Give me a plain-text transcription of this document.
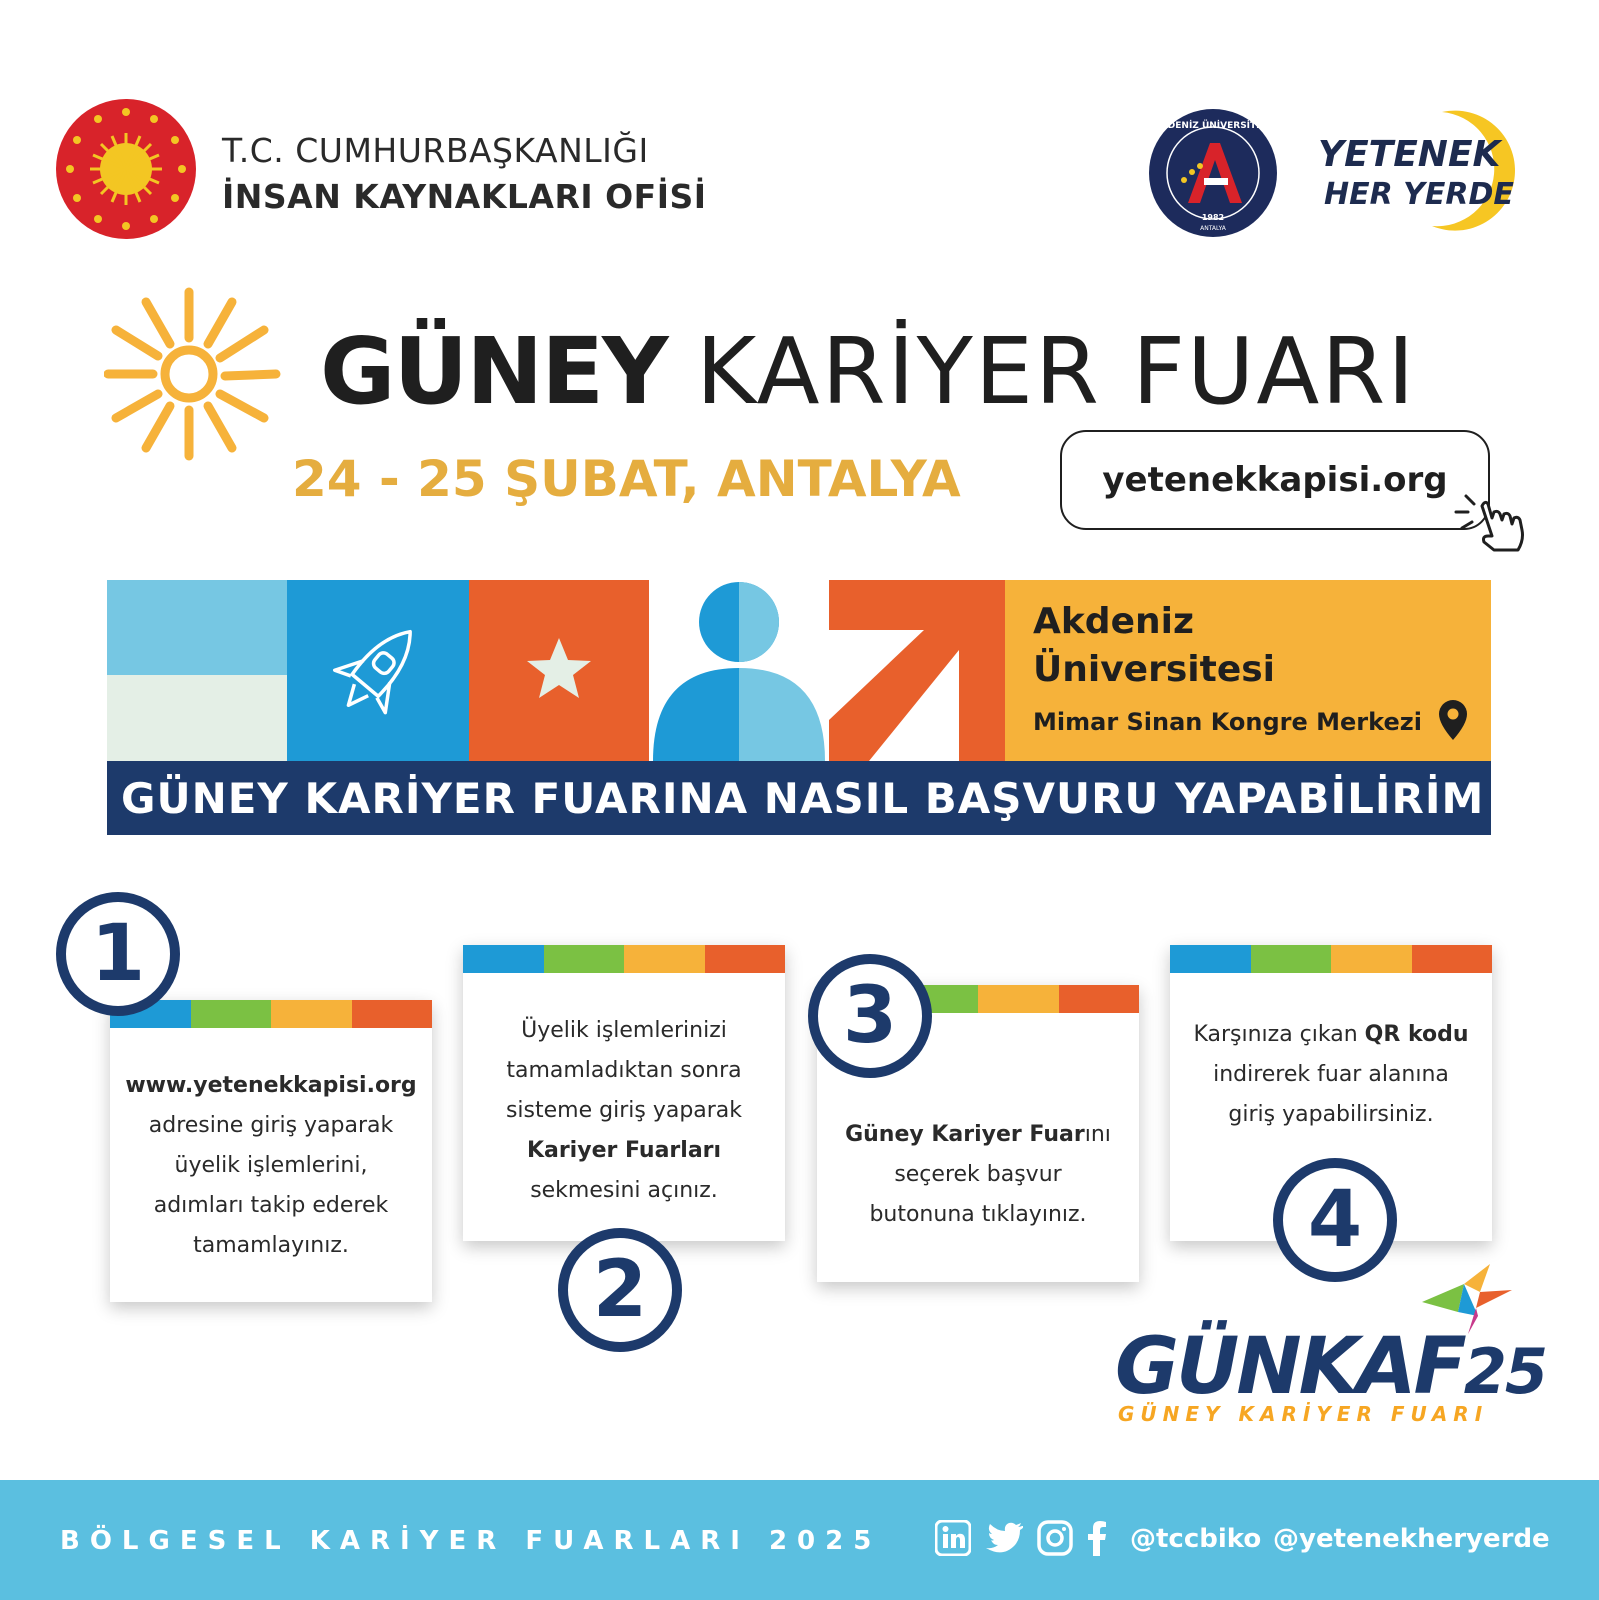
T.C. CUMHURBAŞKANLIĞI
İNSAN KAYNAKLARI OFİSİ
AKDENİZ ÜNİVERSİTESİ
1982
ANTALYA
YETENEK
HER YERDE
GÜNEY KARİYER FUARI
24 - 25 ŞUBAT, ANTALYA	yetenekkapisi.org
Akdeniz
Üniversitesi
Mimar Sinan Kongre Merkezi
GÜNEY KARİYER FUARINA NASIL BAŞVURU YAPABİLİRİM ?
www.yetenekkapisi.org
adresine giriş yaparak
üyelik işlemlerini,
adımları takip ederek
tamamlayınız.
1
Üyelik işlemlerinizi
tamamladıktan sonra
sisteme giriş yaparak
Kariyer Fuarları
sekmesini açınız.
2
Güney Kariyer Fuarını
seçerek başvur
butonuna tıklayınız.
3	Karşınıza çıkan QR kodu
indirerek fuar alanına
giriş yapabilirsiniz.
4
GÜNKAF25
GÜNEY KARİYER FUARI
BÖLGESEL KARİYER FUARLARI 2025	@tccbiko @yetenekheryerde
